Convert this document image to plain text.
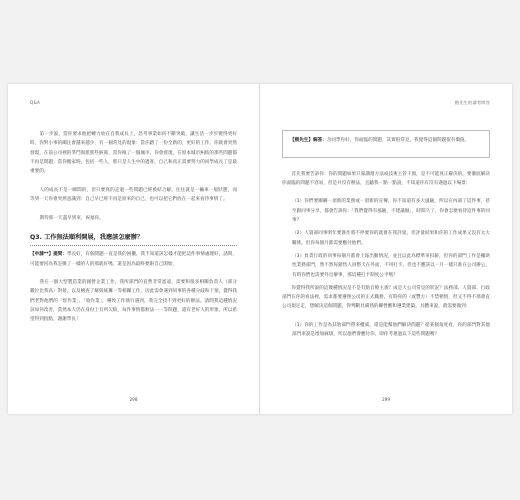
Q&A

第一步說，當你要求他把轉力放在自我成長上，恐考事業如何不斷突破，讓生活一步步變得更好時，你對小事的關注會越來越少，有一個常見的現象：當你踏了一份全新的，更好的工作，你就會突然發現，在前公司裡的爭鬥與派那些糾葛，當你換了一個城市，你會發現，在原本城市糾結的那些問題都不再是問題；當你搬家時，包括一些人，那只是人生中的過客，自己和真正需要努力的同學成長了是最重要的。

人的成長不是一瞬間的，但只要真的走過一些問題已經被結合解，往往就是一輛車一般狀態，而等到一天你會突然意識到：自己早已經不再是原來的自己，也可以把它們放在一起來看待事情了。

期待那一天盡早到來，祝福你。

Q3. 工作無法順利開展，我應該怎麼辦？

【申請**】提問：學長好，有個問題一直是我的困擾，我不知道該怎樣才能把這件事情處理好，請問，可能要因為我是換了一樣的人的那就好嗎，還是因為最終要跟自己開始，

我在一個大型製造業的國營企業工作，我所部門的直營非常遙遠，需要和很多相關負責人（部分職位比我高）對接，以及檢查了解與統籌一等相關工作，因此需會遇到同事的各種分歧和干預，覺得我們老對他們的「督作業」、「收作業」，導致工作執行遇到，我完全找不到更好的辦法。請問我這種情況該如何改善，當然本人仍在身份上有所欠缺，每件事情都無法一一等問題，還有老好人的形象，所以希望得到指點，謝謝學長！

298
楷先生的讀者問答

【楷先生】解答：舍同學你好，你面臨的問題，其實很常見，我覺得這個問題很有價值。

首先我要告訴你：你的問題如果只靠講週方法或技術主管干預，是不可能真正解決的，要徹底解決你面臨的問題不容易，但是并沒有辦法，且聽我一點一點說，不知道你有沒有遇過以下場景：

（1）你們要關聯一項新的業務或一項新的宣傳，你不知道有多大風險，所以在內部了這件事，甚至跟同事分享，都會告訴你：「我們覺得有風險，不建議做」，時間久了，你會怎麼看待這件事的同事？

（2）人資部同事明年要簽作將不停要你的就會在我評量，但評量結果和你的工作成果又沒有太大關係，但你每個月都需要應付他們。

（3）負責行政的同事每個月都會上報出勤情況，並且以此為標準來扣薪，但你的部門工作是輔助性業務部門，然不然每銷售人員整天在外面，不用打卡，但也不應該以一月一樣只准在公司辦公，有時你們也需要外出辦事，那這種打卡制度公平嗎？

你覺得我所說的這幾種情況是不是有點官僚主義？成是大公司常見的狀況？法務部、人資部、行政部門在你的看法裡，需求都要遵照公司的正式職務，有時你的（或豐方）不禁頓情，但又不得不那會直公司規定走，想解決這個問題，得判斷具備熟的聯營應和遵業建築，具體來說，就需要做到：

（1）你的工作是為其他部門帶來權威，還是能幫他們解決問題？從某個角度看，你的部門對其他部門來說是增加麻煩，所以他們會應付你，即你考連過以下這些問題嗎？

299
